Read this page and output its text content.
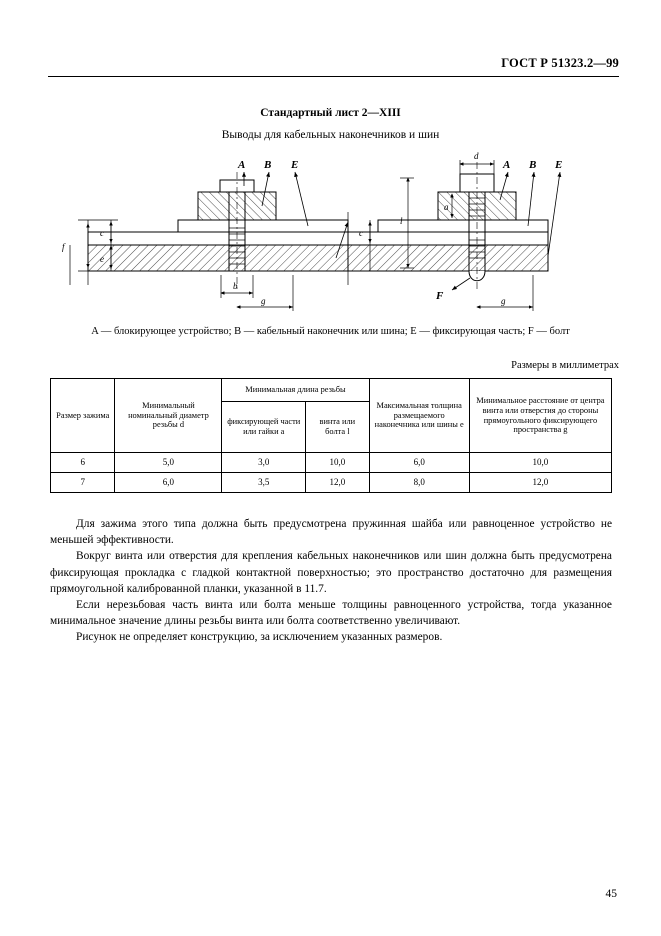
ГОСТ Р 51323.2—99
Стандартный лист 2—XIII
Выводы для кабельных наконечников и шин
A B E
f
c
e
b
g
A B E
F
d
a
l
c
g
A — блокирующее устройство; B — кабельный наконечник или шина; E — фиксирующая часть; F — болт
Размеры в миллиметрах
Размер зажима	Минимальный номинальный диаметр резьбы d	Минимальная длина резьбы		Максимальная толщина размещаемого наконечника или шины e	Минимальное расстояние от центра винта или отверстия до стороны прямоугольного фиксирующего пространства g
		фиксирующей части или гайки a	винта или болта l		
6	5,0	3,0	10,0	6,0	10,0
7	6,0	3,5	12,0	8,0	12,0

Для зажима этого типа должна быть предусмотрена пружинная шайба или равноценное устройство не меньшей эффективности.

Вокруг винта или отверстия для крепления кабельных наконечников или шин должна быть предусмотрена фиксирующая прокладка с гладкой контактной поверхностью; это пространство достаточно для размещения прямоугольной калиброванной планки, указанной в 11.7.

Если нерезьбовая часть винта или болта меньше толщины равноценного устройства, тогда указанное минимальное значение длины резьбы винта или болта соответственно увеличивают.

Рисунок не определяет конструкцию, за исключением указанных размеров.

45
